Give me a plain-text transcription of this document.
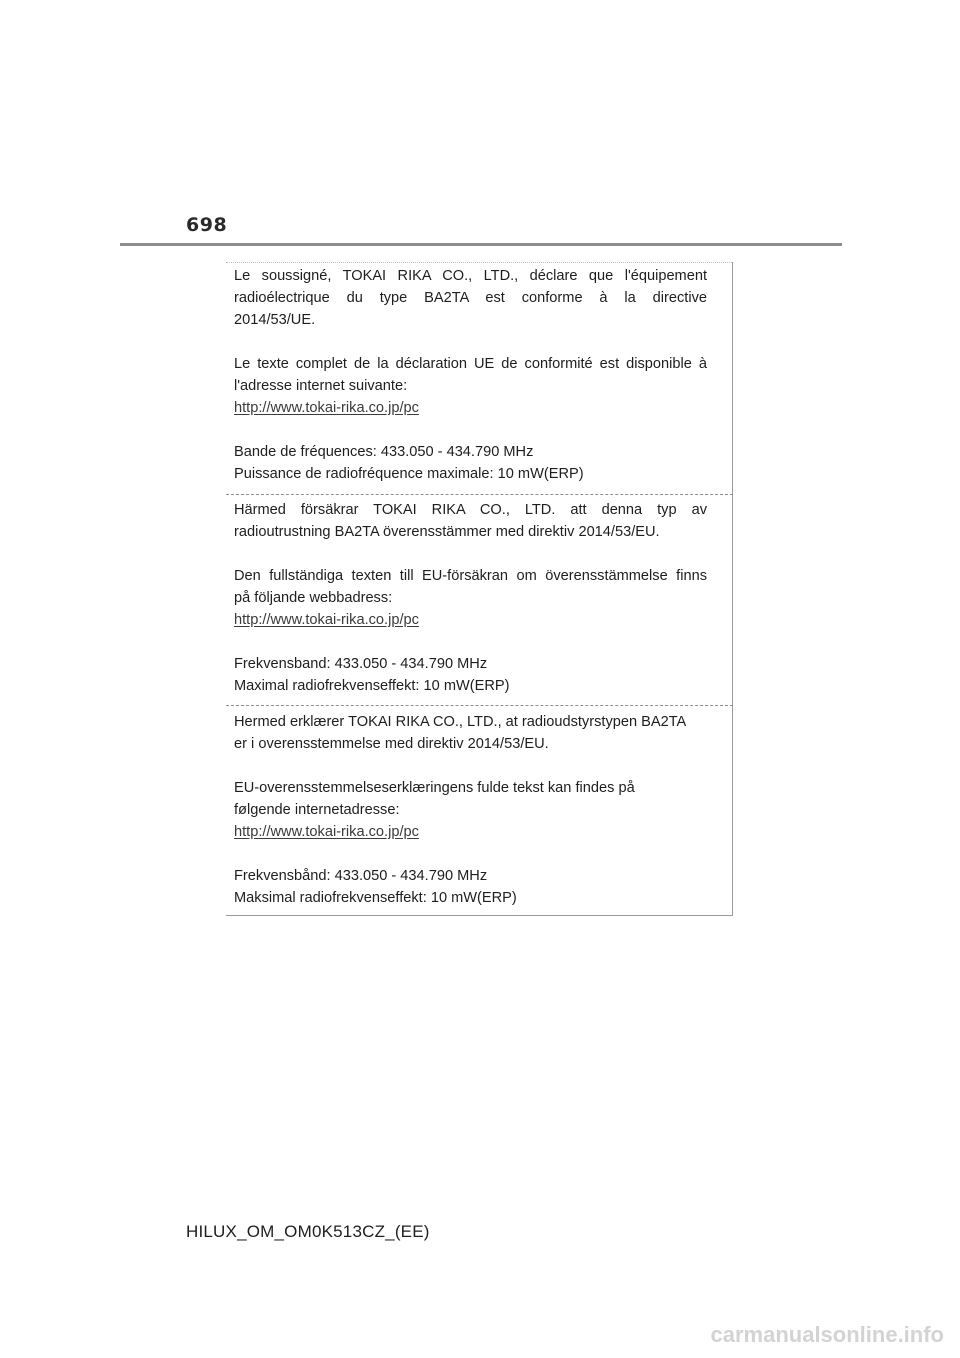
698

Le soussigné, TOKAI RIKA CO., LTD., déclare que l'équipement
radioélectrique du type BA2TA est conforme à la directive
2014/53/UE.

Le texte complet de la déclaration UE de conformité est disponible à
l'adresse internet suivante:
http://www.tokai-rika.co.jp/pc

Bande de fréquences: 433.050 - 434.790 MHz
Puissance de radiofréquence maximale: 10 mW(ERP)

Härmed försäkrar TOKAI RIKA CO., LTD. att denna typ av
radioutrustning BA2TA överensstämmer med direktiv 2014/53/EU.

Den fullständiga texten till EU-försäkran om överensstämmelse finns
på följande webbadress:
http://www.tokai-rika.co.jp/pc

Frekvensband: 433.050 - 434.790 MHz
Maximal radiofrekvenseffekt: 10 mW(ERP)

Hermed erklærer TOKAI RIKA CO., LTD., at radioudstyrstypen BA2TA
er i overensstemmelse med direktiv 2014/53/EU.

EU-overensstemmelseserklæringens fulde tekst kan findes på
følgende internetadresse:
http://www.tokai-rika.co.jp/pc

Frekvensbånd: 433.050 - 434.790 MHz
Maksimal radiofrekvenseffekt: 10 mW(ERP)

HILUX_OM_OM0K513CZ_(EE)
carmanualsonline.info
